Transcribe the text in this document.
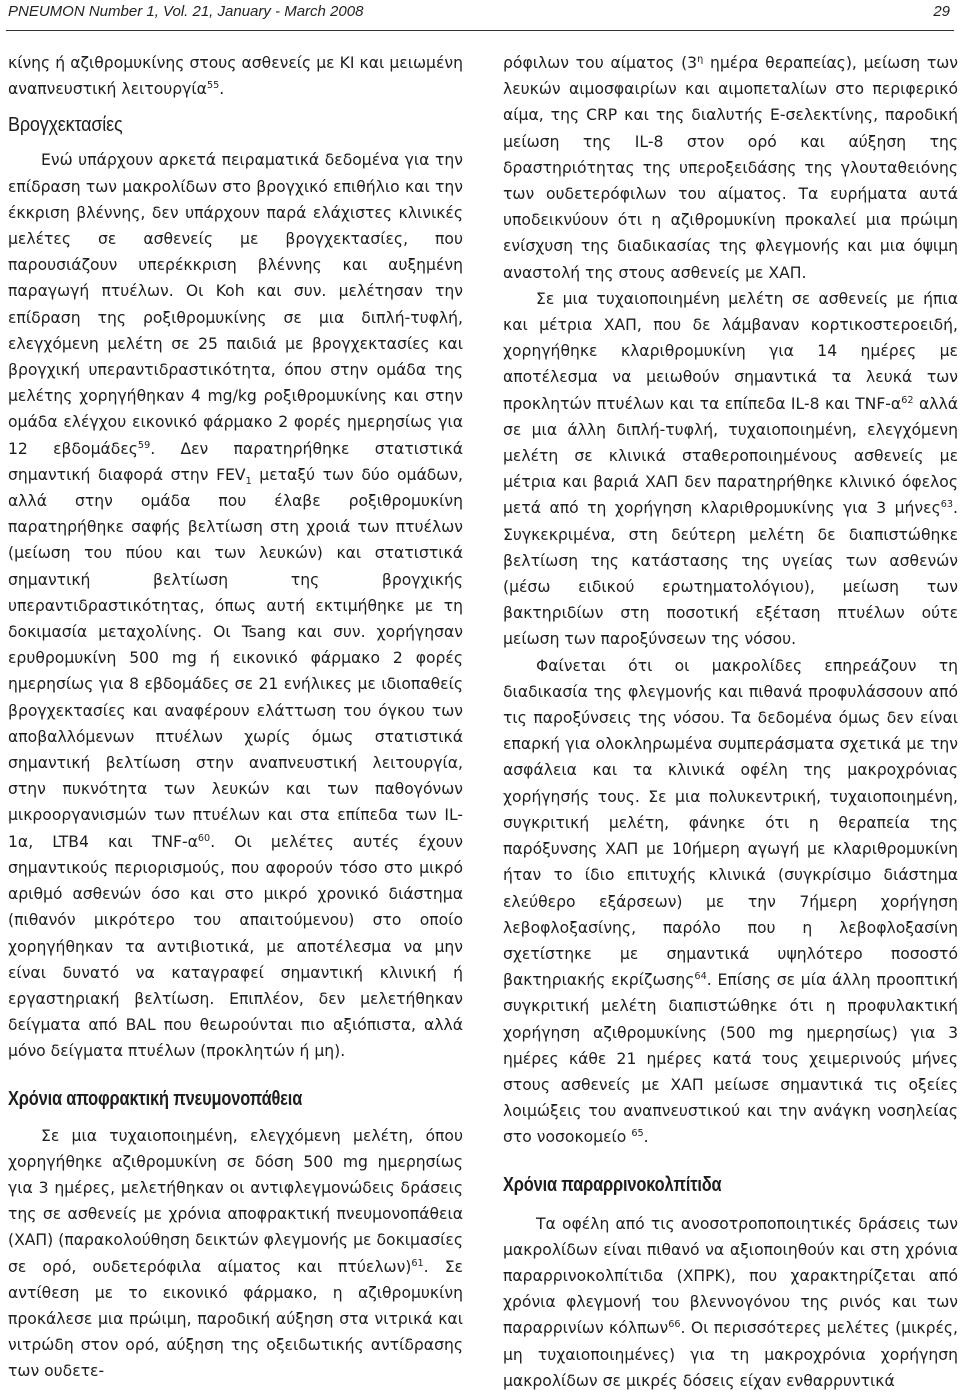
PNEUMON Number 1, Vol. 21, January - March 2008	29

κίνης ή αζιθρομυκίνης στους ασθενείς με ΚΙ και μειωμένη αναπνευστική λειτουργία$^{55}$.

Βρογχεκτασίες

Ενώ υπάρχουν αρκετά πειραματικά δεδομένα για την επίδραση των μακρολίδων στο βρογχικό επιθήλιο και την έκκριση βλέννης, δεν υπάρχουν παρά ελάχιστες κλινικές μελέτες σε ασθενείς με βρογχεκτασίες, που παρουσιάζουν υπερέκκριση βλέννης και αυξημένη παραγωγή πτυέλων. Οι Koh και συν. μελέτησαν την επίδραση της ροξιθρομυκίνης σε μια διπλή-τυφλή, ελεγχόμενη μελέτη σε 25 παιδιά με βρογχεκτασίες και βρογχική υπεραντιδραστικότητα, όπου στην ομάδα της μελέτης χορηγήθηκαν 4 mg/kg ροξιθρομυκίνης και στην ομάδα ελέγχου εικονικό φάρμακο 2 φορές ημερησίως για 12 εβδομάδες$^{59}$. Δεν παρατηρήθηκε στατιστικά σημαντική διαφορά στην $FEV_1$ μεταξύ των δύο ομάδων, αλλά στην ομάδα που έλαβε ροξιθρομυκίνη παρατηρήθηκε σαφής βελτίωση στη χροιά των πτυέλων (μείωση του πύου και των λευκών) και στατιστικά σημαντική βελτίωση της βρογχικής υπεραντιδραστικότητας, όπως αυτή εκτιμήθηκε με τη δοκιμασία μεταχολίνης. Οι Tsang και συν. χορήγησαν ερυθρομυκίνη 500 mg ή εικονικό φάρμακο 2 φορές ημερησίως για 8 εβδομάδες σε 21 ενήλικες με ιδιοπαθείς βρογχεκτασίες και αναφέρουν ελάττωση του όγκου των αποβαλλόμενων πτυέλων χωρίς όμως στατιστικά σημαντική βελτίωση στην αναπνευστική λειτουργία, στην πυκνότητα των λευκών και των παθογόνων μικροοργανισμών των πτυέλων και στα επίπεδα των IL-1α, LTB4 και TNF-$\alpha^{60}$. Οι μελέτες αυτές έχουν σημαντικούς περιορισμούς, που αφορούν τόσο στο μικρό αριθμό ασθενών όσο και στο μικρό χρονικό διάστημα (πιθανόν μικρότερο του απαιτούμενου) στο οποίο χορηγήθηκαν τα αντιβιοτικά, με αποτέλεσμα να μην είναι δυνατό να καταγραφεί σημαντική κλινική ή εργαστηριακή βελτίωση. Επιπλέον, δεν μελετήθηκαν δείγματα από BAL που θεωρούνται πιο αξιόπιστα, αλλά μόνο δείγματα πτυέλων (προκλητών ή μη).

Χρόνια αποφρακτική πνευμονοπάθεια

Σε μια τυχαιοποιημένη, ελεγχόμενη μελέτη, όπου χορηγήθηκε αζιθρομυκίνη σε δόση 500 mg ημερησίως για 3 ημέρες, μελετήθηκαν οι αντιφλεγμονώδεις δράσεις της σε ασθενείς με χρόνια αποφρακτική πνευμονοπάθεια (ΧΑΠ) (παρακολούθηση δεικτών φλεγμονής με δοκιμασίες σε ορό, ουδετερόφιλα αίματος και πτύελων)$^{61}$. Σε αντίθεση με το εικονικό φάρμακο, η αζιθρομυκίνη προκάλεσε μια πρώιμη, παροδική αύξηση στα νιτρικά και νιτρώδη στον ορό, αύξηση της οξειδωτικής αντίδρασης των ουδετε-

ρόφιλων του αίματος ($3^\eta$ ημέρα θεραπείας), μείωση των λευκών αιμοσφαιρίων και αιμοπεταλίων στο περιφερικό αίμα, της CRP και της διαλυτής Ε-σελεκτίνης, παροδική μείωση της IL-8 στον ορό και αύξηση της δραστηριότητας της υπεροξειδάσης της γλουταθειόνης των ουδετερόφιλων του αίματος. Τα ευρήματα αυτά υποδεικνύουν ότι η αζιθρομυκίνη προκαλεί μια πρώιμη ενίσχυση της διαδικασίας της φλεγμονής και μια όψιμη αναστολή της στους ασθενείς με ΧΑΠ.

Σε μια τυχαιοποιημένη μελέτη σε ασθενείς με ήπια και μέτρια ΧΑΠ, που δε λάμβαναν κορτικοστεροειδή, χορηγήθηκε κλαριθρομυκίνη για 14 ημέρες με αποτέλεσμα να μειωθούν σημαντικά τα λευκά των προκλητών πτυέλων και τα επίπεδα IL-8 και TNF-$\alpha^{62}$ αλλά σε μια άλλη διπλή-τυφλή, τυχαιοποιημένη, ελεγχόμενη μελέτη σε κλινικά σταθεροποιημένους ασθενείς με μέτρια και βαριά ΧΑΠ δεν παρατηρήθηκε κλινικό όφελος μετά από τη χορήγηση κλαριθρομυκίνης για 3 μήνες$^{63}$. Συγκεκριμένα, στη δεύτερη μελέτη δε διαπιστώθηκε βελτίωση της κατάστασης της υγείας των ασθενών (μέσω ειδικού ερωτηματολόγιου), μείωση των βακτηριδίων στη ποσοτική εξέταση πτυέλων ούτε μείωση των παροξύνσεων της νόσου.

Φαίνεται ότι οι μακρολίδες επηρεάζουν τη διαδικασία της φλεγμονής και πιθανά προφυλάσσουν από τις παροξύνσεις της νόσου. Τα δεδομένα όμως δεν είναι επαρκή για ολοκληρωμένα συμπεράσματα σχετικά με την ασφάλεια και τα κλινικά οφέλη της μακροχρόνιας χορήγησής τους. Σε μια πολυκεντρική, τυχαιοποιημένη, συγκριτική μελέτη, φάνηκε ότι η θεραπεία της παρόξυνσης ΧΑΠ με 10ήμερη αγωγή με κλαριθρομυκίνη ήταν το ίδιο επιτυχής κλινικά (συγκρίσιμο διάστημα ελεύθερο εξάρσεων) με την 7ήμερη χορήγηση λεβοφλοξασίνης, παρόλο που η λεβοφλοξασίνη σχετίστηκε με σημαντικά υψηλότερο ποσοστό βακτηριακής εκρίζωσης$^{64}$. Επίσης σε μία άλλη προοπτική συγκριτική μελέτη διαπιστώθηκε ότι η προφυλακτική χορήγηση αζιθρομυκίνης (500 mg ημερησίως) για 3 ημέρες κάθε 21 ημέρες κατά τους χειμερινούς μήνες στους ασθενείς με ΧΑΠ μείωσε σημαντικά τις οξείες λοιμώξεις του αναπνευστικού και την ανάγκη νοσηλείας στο νοσοκομείο $^{65}$.

Χρόνια παραρρινοκολπίτιδα

Τα οφέλη από τις ανοσοτροποποιητικές δράσεις των μακρολίδων είναι πιθανό να αξιοποιηθούν και στη χρόνια παραρρινοκολπίτιδα (ΧΠΡΚ), που χαρακτηρίζεται από χρόνια φλεγμονή του βλεννογόνου της ρινός και των παραρρινίων κόλπων$^{66}$. Οι περισσότερες μελέτες (μικρές, μη τυχαιοποιημένες) για τη μακροχρόνια χορήγηση μακρολίδων σε μικρές δόσεις είχαν ενθαρρυντικά
